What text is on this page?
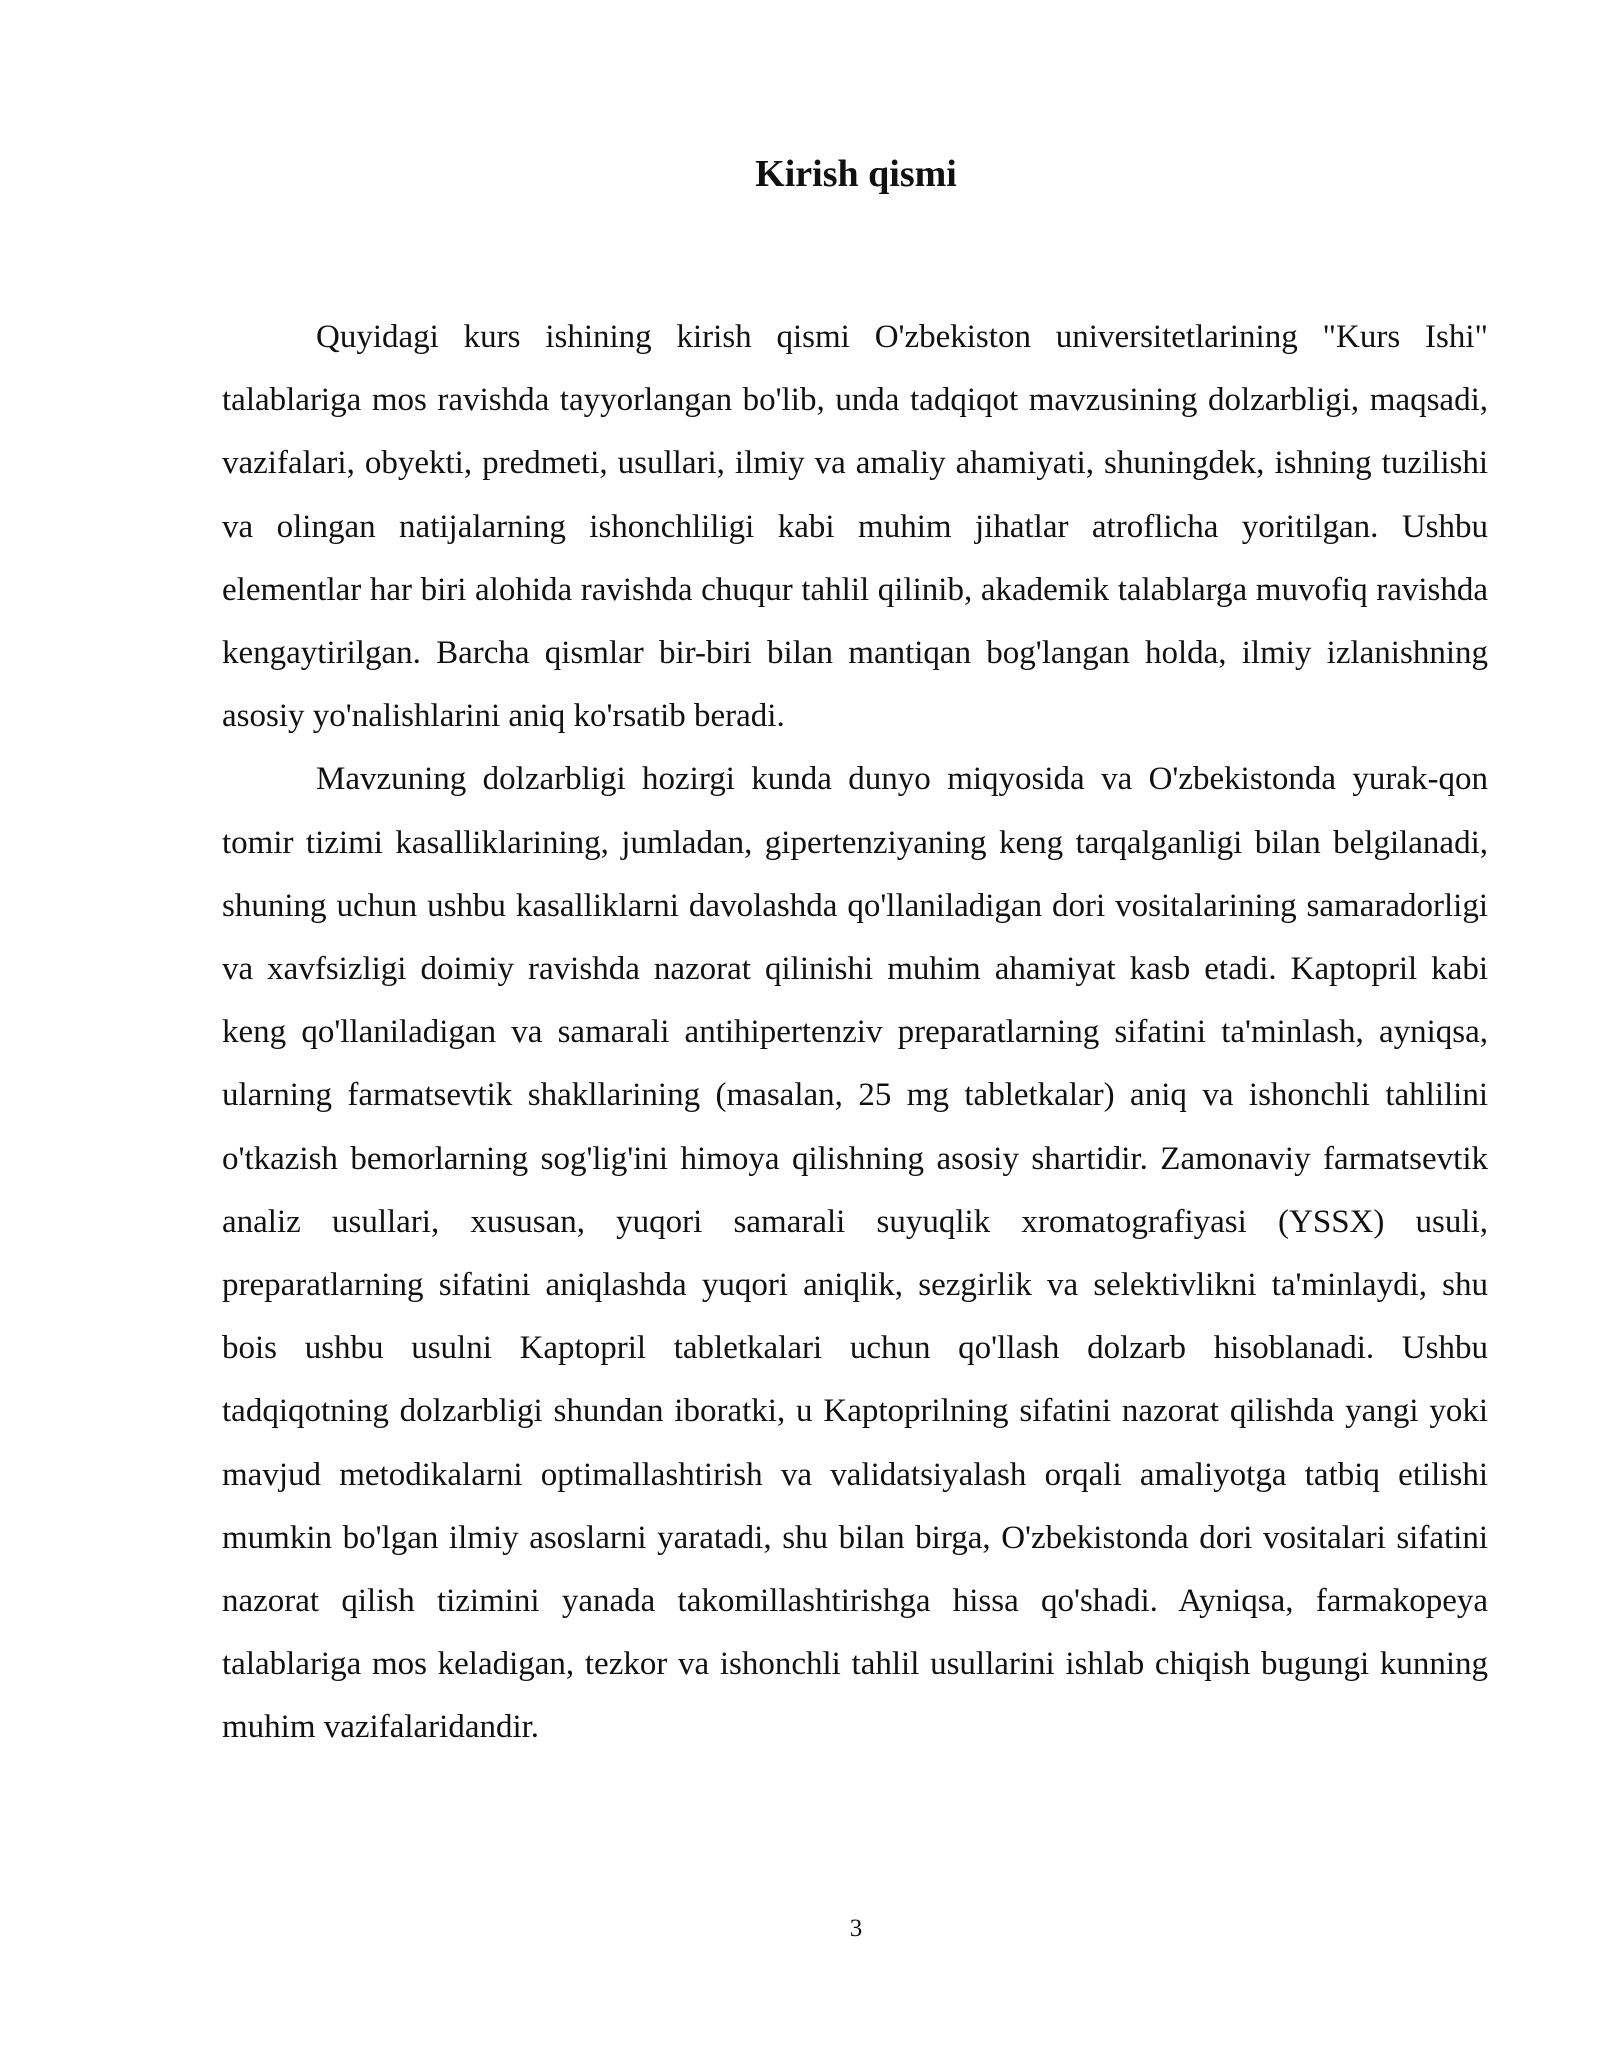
Kirish qismi

Quyidagi kurs ishining kirish qismi O'zbekiston universitetlarining "Kurs Ishi" talablariga mos ravishda tayyorlangan bo'lib, unda tadqiqot mavzusining dolzarbligi, maqsadi, vazifalari, obyekti, predmeti, usullari, ilmiy va amaliy ahamiyati, shuningdek, ishning tuzilishi va olingan natijalarning ishonchliligi kabi muhim jihatlar atroflicha yoritilgan. Ushbu elementlar har biri alohida ravishda chuqur tahlil qilinib, akademik talablarga muvofiq ravishda kengaytirilgan. Barcha qismlar bir-biri bilan mantiqan bog'langan holda, ilmiy izlanishning asosiy yo'nalishlarini aniq ko'rsatib beradi.

Mavzuning dolzarbligi hozirgi kunda dunyo miqyosida va O'zbekistonda yurak-qon tomir tizimi kasalliklarining, jumladan, gipertenziyaning keng tarqalganligi bilan belgilanadi, shuning uchun ushbu kasalliklarni davolashda qo'llaniladigan dori vositalarining samaradorligi va xavfsizligi doimiy ravishda nazorat qilinishi muhim ahamiyat kasb etadi. Kaptopril kabi keng qo'llaniladigan va samarali antihipertenziv preparatlarning sifatini ta'minlash, ayniqsa, ularning farmatsevtik shakllarining (masalan, 25 mg tabletkalar) aniq va ishonchli tahlilini o'tkazish bemorlarning sog'lig'ini himoya qilishning asosiy shartidir. Zamonaviy farmatsevtik analiz usullari, xususan, yuqori samarali suyuqlik xromatografiyasi (YSSX) usuli, preparatlarning sifatini aniqlashda yuqori aniqlik, sezgirlik va selektivlikni ta'minlaydi, shu bois ushbu usulni Kaptopril tabletkalari uchun qo'llash dolzarb hisoblanadi. Ushbu tadqiqotning dolzarbligi shundan iboratki, u Kaptoprilning sifatini nazorat qilishda yangi yoki mavjud metodikalarni optimallashtirish va validatsiyalash orqali amaliyotga tatbiq etilishi mumkin bo'lgan ilmiy asoslarni yaratadi, shu bilan birga, O'zbekistonda dori vositalari sifatini nazorat qilish tizimini yanada takomillashtirishga hissa qo'shadi. Ayniqsa, farmakopeya talablariga mos keladigan, tezkor va ishonchli tahlil usullarini ishlab chiqish bugungi kunning muhim vazifalaridandir.

3
